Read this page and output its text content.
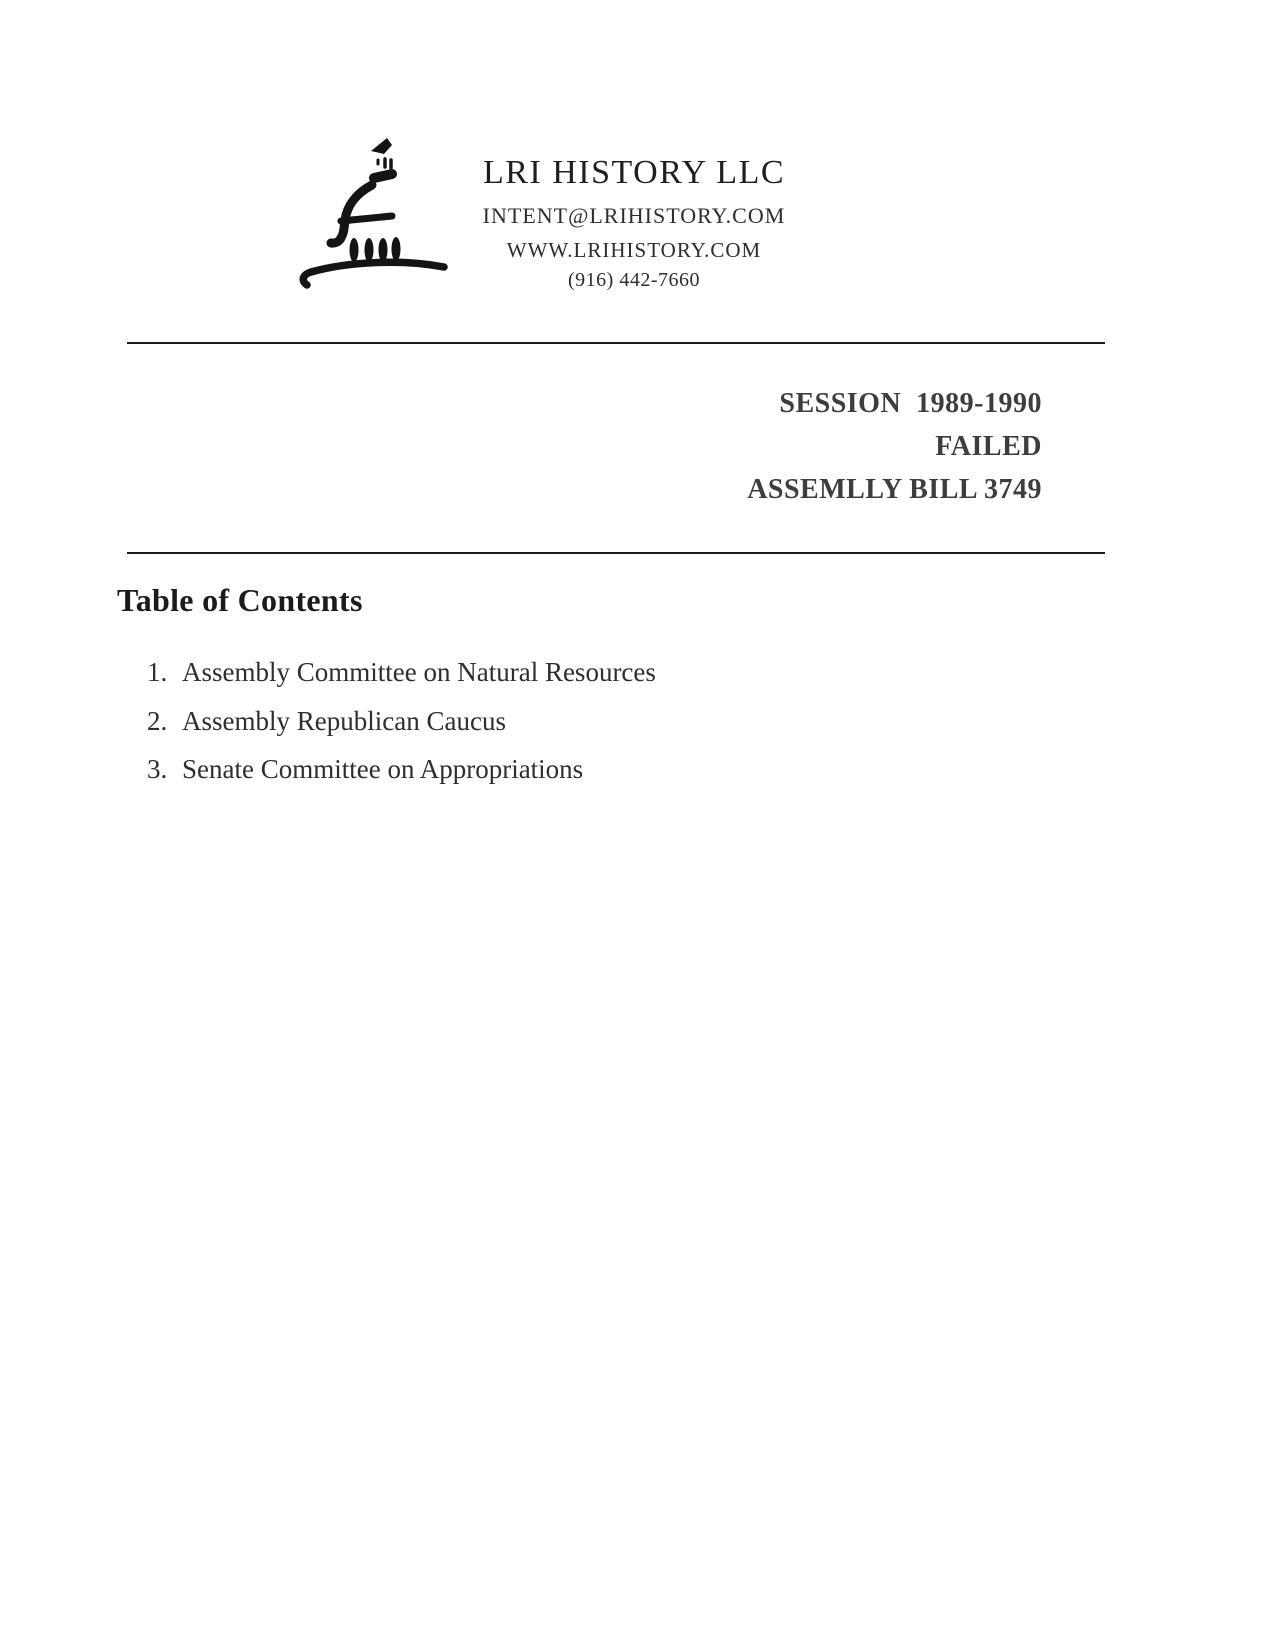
LRI HISTORY LLC
INTENT@LRIHISTORY.COM
WWW.LRIHISTORY.COM
(916) 442-7660
SESSION  1989-1990
FAILED
ASSEMLLY BILL 3749
Table of Contents
1. Assembly Committee on Natural Resources
2. Assembly Republican Caucus
3. Senate Committee on Appropriations
